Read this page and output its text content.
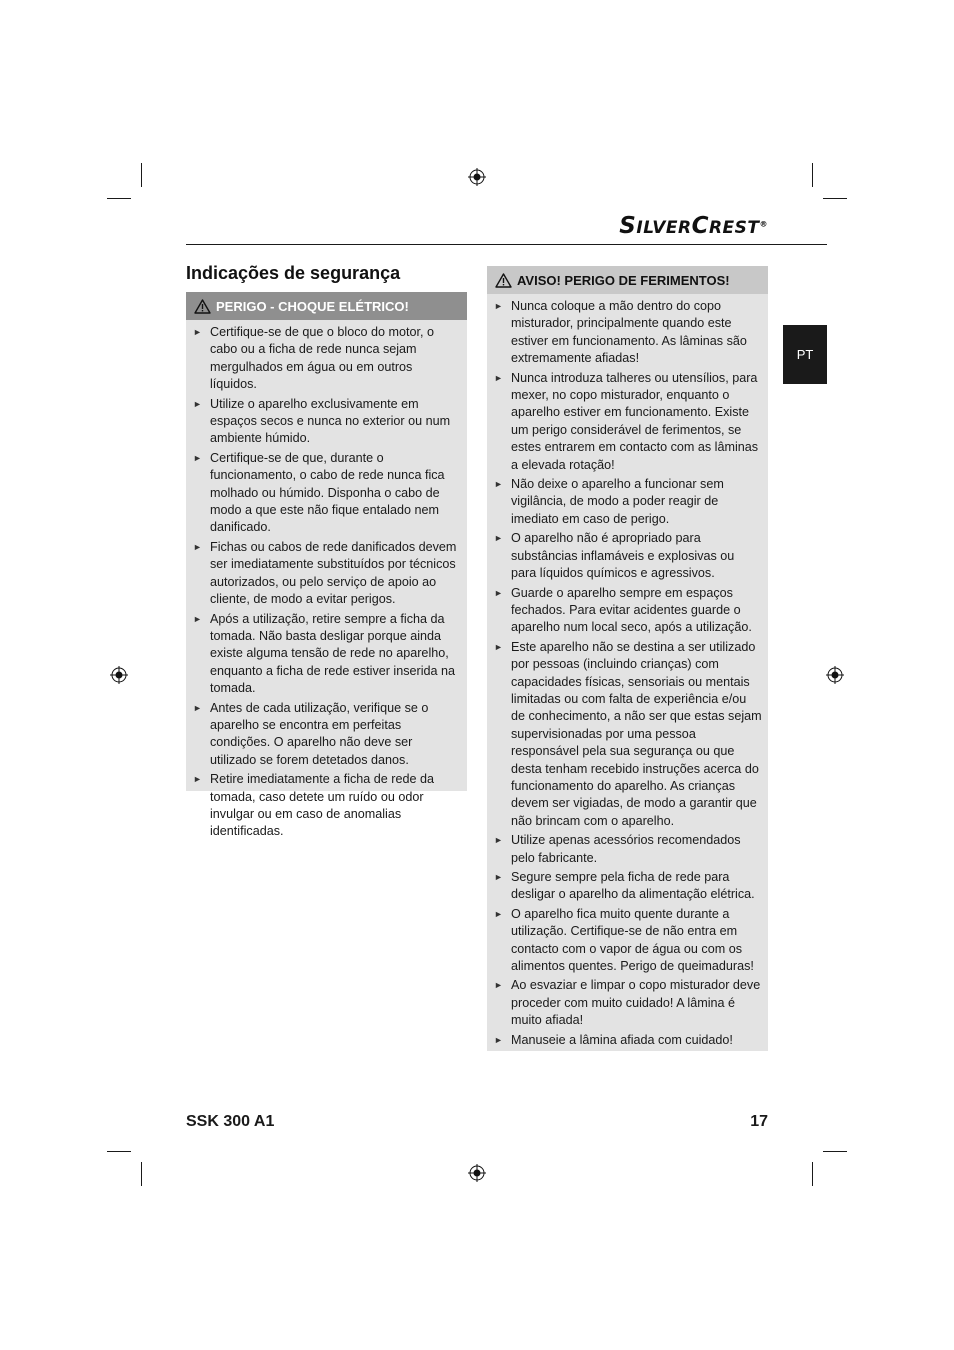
SILVERCREST®
PT
Indicações de segurança
PERIGO - CHOQUE ELÉTRICO!
► Certifique-se de que o bloco do motor, o cabo ou a ficha de rede nunca sejam mergulhados em água ou em outros líquidos.
► Utilize o aparelho exclusivamente em espaços secos e nunca no exterior ou num ambiente húmido.
► Certifique-se de que, durante o funcionamento, o cabo de rede nunca fica molhado ou húmido. Disponha o cabo de modo a que este não fique entalado nem danificado.
► Fichas ou cabos de rede danificados devem ser imediatamente substituídos por técnicos autorizados, ou pelo serviço de apoio ao cliente, de modo a evitar perigos.
► Após a utilização, retire sempre a ficha da tomada. Não basta desligar porque ainda existe alguma tensão de rede no aparelho, enquanto a ficha de rede estiver inserida na tomada.
► Antes de cada utilização, verifique se o aparelho se encontra em perfeitas condições. O aparelho não deve ser utilizado se forem detetados danos.
► Retire imediatamente a ficha de rede da tomada, caso detete um ruído ou odor invulgar ou em caso de anomalias identificadas.
AVISO! PERIGO DE FERIMENTOS!
► Nunca coloque a mão dentro do copo misturador, principalmente quando este estiver em funcionamento. As lâminas são extremamente afiadas!
► Nunca introduza talheres ou utensílios, para mexer, no copo misturador, enquanto o aparelho estiver em funcionamento. Existe um perigo considerável de ferimentos, se estes entrarem em contacto com as lâminas a elevada rotação!
► Não deixe o aparelho a funcionar sem vigilância, de modo a poder reagir de imediato em caso de perigo.
► O aparelho não é apropriado para substâncias inflamáveis e explosivas ou para líquidos químicos e agressivos.
► Guarde o aparelho sempre em espaços fechados. Para evitar acidentes guarde o aparelho num local seco, após a utilização.
► Este aparelho não se destina a ser utilizado por pessoas (incluindo crianças) com capacidades físicas, sensoriais ou mentais limitadas ou com falta de experiência e/ou de conhecimento, a não ser que estas sejam supervisionadas por uma pessoa responsável pela sua segurança ou que desta tenham recebido instruções acerca do funcionamento do aparelho. As crianças devem ser vigiadas, de modo a garantir que não brincam com o aparelho.
► Utilize apenas acessórios recomendados pelo fabricante.
► Segure sempre pela ficha de rede para desligar o aparelho da alimentação elétrica.
► O aparelho fica muito quente durante a utilização. Certifique-se de não entra em contacto com o vapor de água ou com os alimentos quentes. Perigo de queimaduras!
► Ao esvaziar e limpar o copo misturador deve proceder com muito cuidado! A lâmina é muito afiada!
► Manuseie a lâmina afiada com cuidado!
SSK 300 A1	17
